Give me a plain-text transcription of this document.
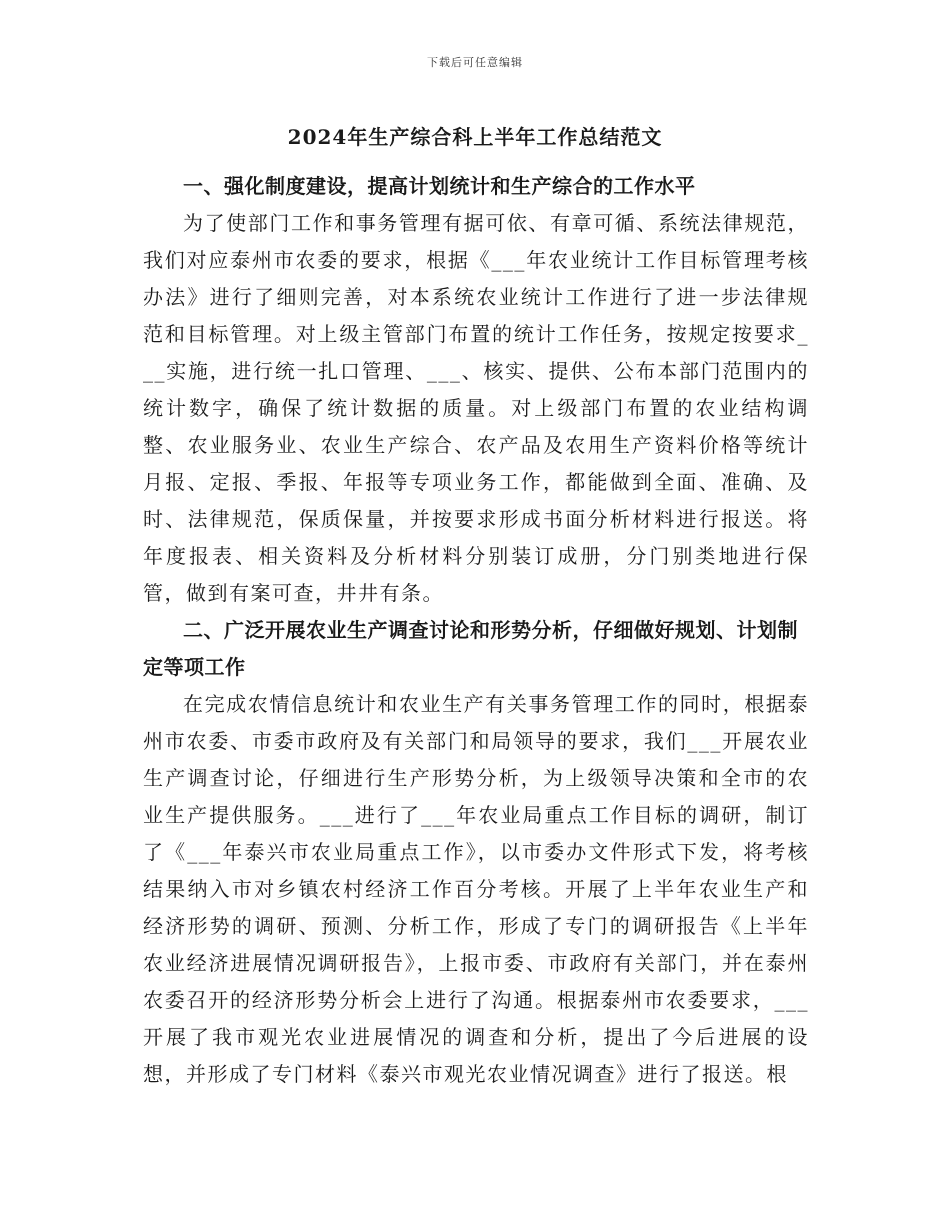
下载后可任意编辑
2024年生产综合科上半年工作总结范文

一、强化制度建设，提高计划统计和生产综合的工作水平

为了使部门工作和事务管理有据可依、有章可循、系统法律规范，我们对应泰州市农委的要求，根据《___年农业统计工作目标管理考核办法》进行了细则完善，对本系统农业统计工作进行了进一步法律规范和目标管理。对上级主管部门布置的统计工作任务，按规定按要求___实施，进行统一扎口管理、___、核实、提供、公布本部门范围内的统计数字，确保了统计数据的质量。对上级部门布置的农业结构调整、农业服务业、农业生产综合、农产品及农用生产资料价格等统计月报、定报、季报、年报等专项业务工作，都能做到全面、准确、及时、法律规范，保质保量，并按要求形成书面分析材料进行报送。将年度报表、相关资料及分析材料分别装订成册，分门别类地进行保管，做到有案可查，井井有条。

二、广泛开展农业生产调查讨论和形势分析，仔细做好规划、计划制定等项工作

在完成农情信息统计和农业生产有关事务管理工作的同时，根据泰州市农委、市委市政府及有关部门和局领导的要求，我们___开展农业生产调查讨论，仔细进行生产形势分析，为上级领导决策和全市的农业生产提供服务。___进行了___年农业局重点工作目标的调研，制订了《___年泰兴市农业局重点工作》，以市委办文件形式下发，将考核结果纳入市对乡镇农村经济工作百分考核。开展了上半年农业生产和经济形势的调研、预测、分析工作，形成了专门的调研报告《上半年农业经济进展情况调研报告》，上报市委、市政府有关部门，并在泰州农委召开的经济形势分析会上进行了沟通。根据泰州市农委要求，___开展了我市观光农业进展情况的调查和分析，提出了今后进展的设想，并形成了专门材料《泰兴市观光农业情况调查》进行了报送。根
